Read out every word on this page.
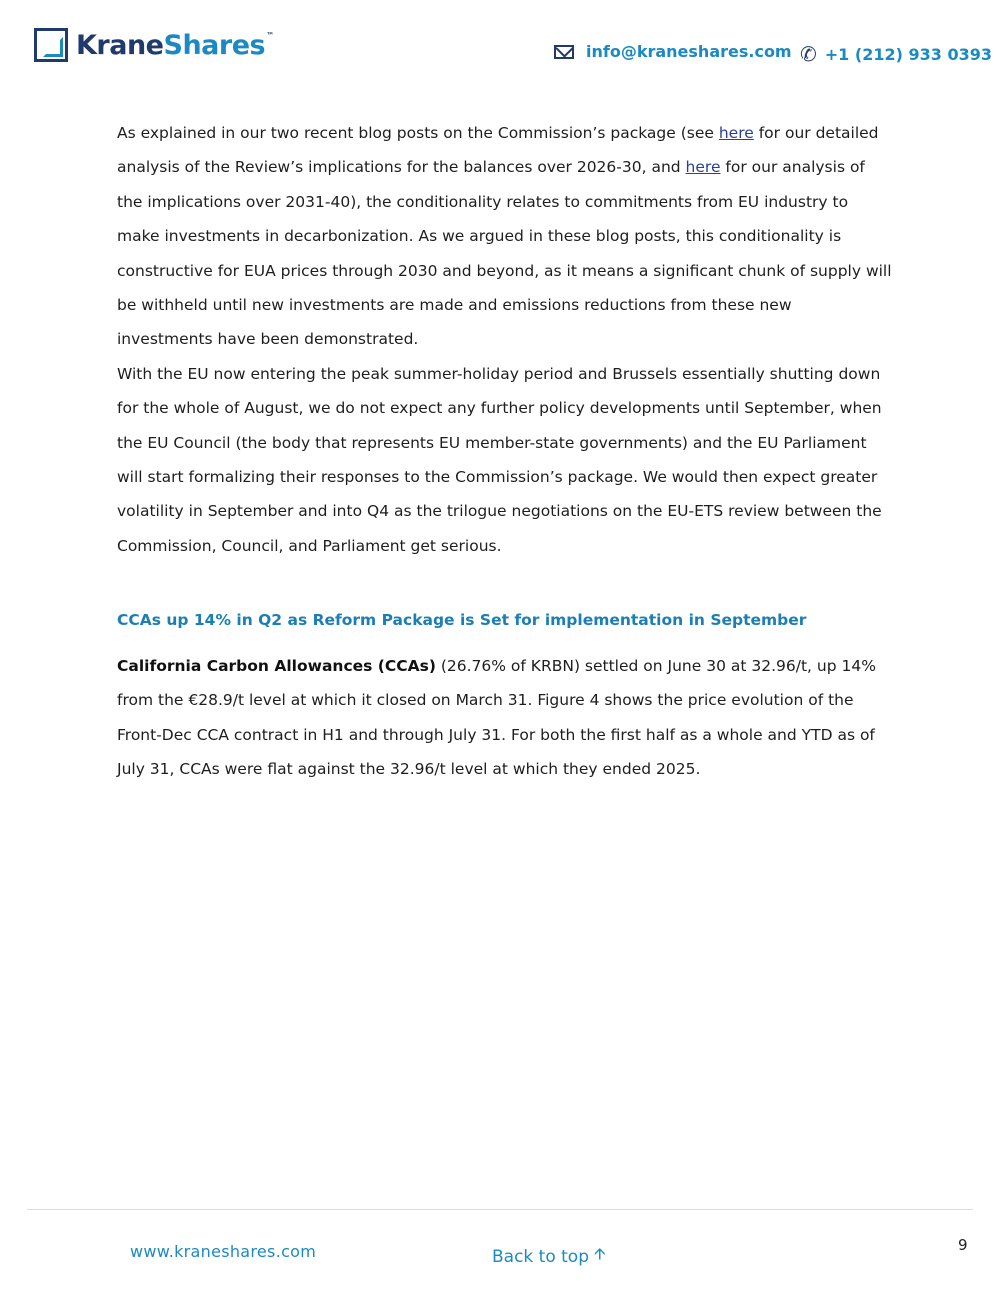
KraneShares™
info@kraneshares.com ✆ +1 (212) 933 0393

As explained in our two recent blog posts on the Commission’s package (see here for our detailed analysis of the Review’s implications for the balances over 2026-30, and here for our analysis of the implications over 2031-40), the conditionality relates to commitments from EU industry to make investments in decarbonization. As we argued in these blog posts, this conditionality is constructive for EUA prices through 2030 and beyond, as it means a significant chunk of supply will be withheld until new investments are made and emissions reductions from these new investments have been demonstrated.

With the EU now entering the peak summer-holiday period and Brussels essentially shutting down for the whole of August, we do not expect any further policy developments until September, when the EU Council (the body that represents EU member-state governments) and the EU Parliament will start formalizing their responses to the Commission’s package. We would then expect greater volatility in September and into Q4 as the trilogue negotiations on the EU-ETS review between the Commission, Council, and Parliament get serious.

CCAs up 14% in Q2 as Reform Package is Set for implementation in September

California Carbon Allowances (CCAs) (26.76% of KRBN) settled on June 30 at 32.96/t, up 14% from the €28.9/t level at which it closed on March 31. Figure 4 shows the price evolution of the Front-Dec CCA contract in H1 and through July 31. For both the first half as a whole and YTD as of July 31, CCAs were flat against the 32.96/t level at which they ended 2025.

www.kraneshares.com	Back to top 🡩	9
